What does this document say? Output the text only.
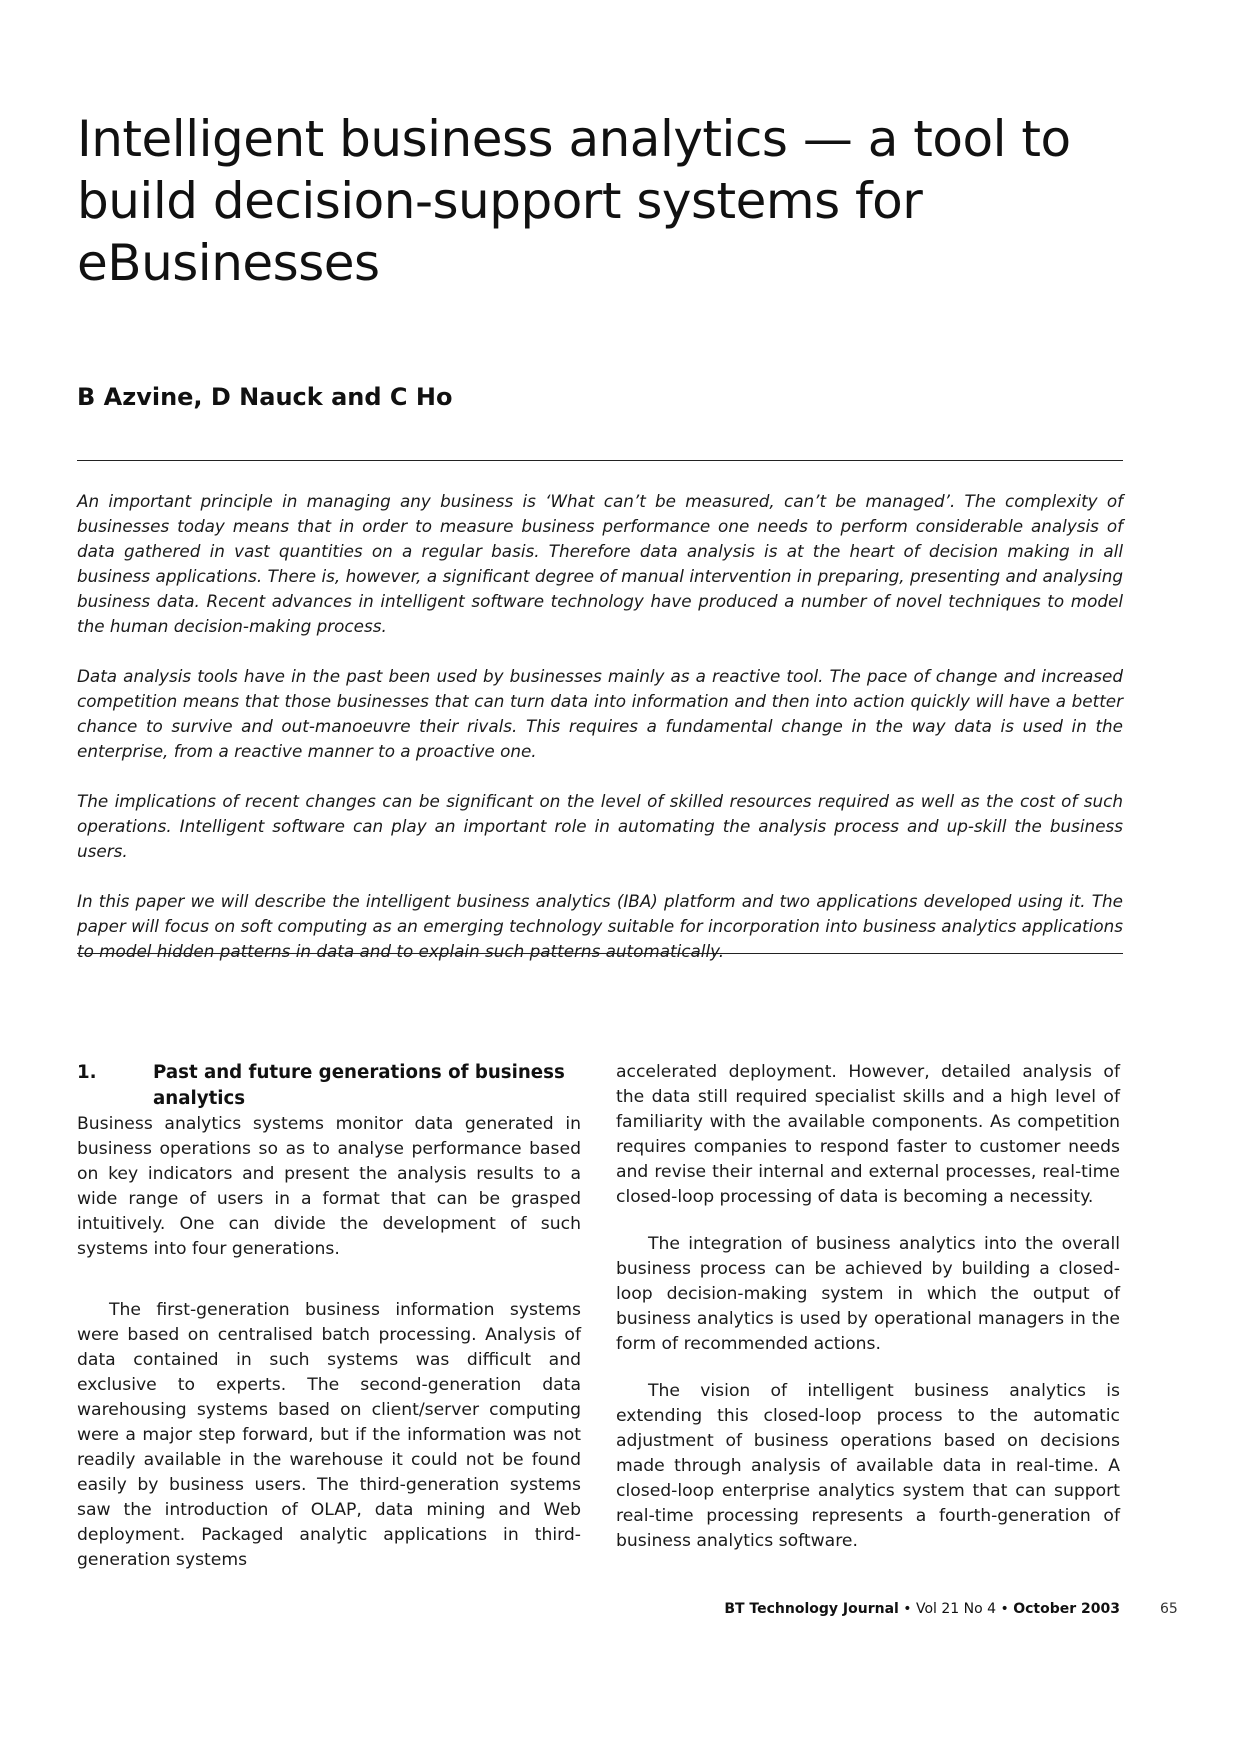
Intelligent business analytics — a tool to build decision-support systems for eBusinesses
B Azvine, D Nauck and C Ho

An important principle in managing any business is ‘What can’t be measured, can’t be managed’. The complexity of businesses today means that in order to measure business performance one needs to perform considerable analysis of data gathered in vast quantities on a regular basis. Therefore data analysis is at the heart of decision making in all business applications. There is, however, a significant degree of manual intervention in preparing, presenting and analysing business data. Recent advances in intelligent software technology have produced a number of novel techniques to model the human decision-making process.

Data analysis tools have in the past been used by businesses mainly as a reactive tool. The pace of change and increased competition means that those businesses that can turn data into information and then into action quickly will have a better chance to survive and out-manoeuvre their rivals. This requires a fundamental change in the way data is used in the enterprise, from a reactive manner to a proactive one.

The implications of recent changes can be significant on the level of skilled resources required as well as the cost of such operations. Intelligent software can play an important role in automating the analysis process and up-skill the business users.

In this paper we will describe the intelligent business analytics (IBA) platform and two applications developed using it. The paper will focus on soft computing as an emerging technology suitable for incorporation into business analytics applications to model hidden patterns in data and to explain such patterns automatically.

1.	Past and future generations of business analytics

Business analytics systems monitor data generated in business operations so as to analyse performance based on key indicators and present the analysis results to a wide range of users in a format that can be grasped intuitively. One can divide the development of such systems into four generations.

The first-generation business information systems were based on centralised batch processing. Analysis of data contained in such systems was difficult and exclusive to experts. The second-generation data warehousing systems based on client/server computing were a major step forward, but if the information was not readily available in the warehouse it could not be found easily by business users. The third-generation systems saw the introduction of OLAP, data mining and Web deployment. Packaged analytic applications in third-generation systems

accelerated deployment. However, detailed analysis of the data still required specialist skills and a high level of familiarity with the available components. As competition requires companies to respond faster to customer needs and revise their internal and external processes, real-time closed-loop processing of data is becoming a necessity.

The integration of business analytics into the overall business process can be achieved by building a closed-loop decision-making system in which the output of business analytics is used by operational managers in the form of recommended actions.

The vision of intelligent business analytics is extending this closed-loop process to the automatic adjustment of business operations based on decisions made through analysis of available data in real-time. A closed-loop enterprise analytics system that can support real-time processing represents a fourth-generation of business analytics software.

BT Technology Journal • Vol 21 No 4 • October 2003	65
